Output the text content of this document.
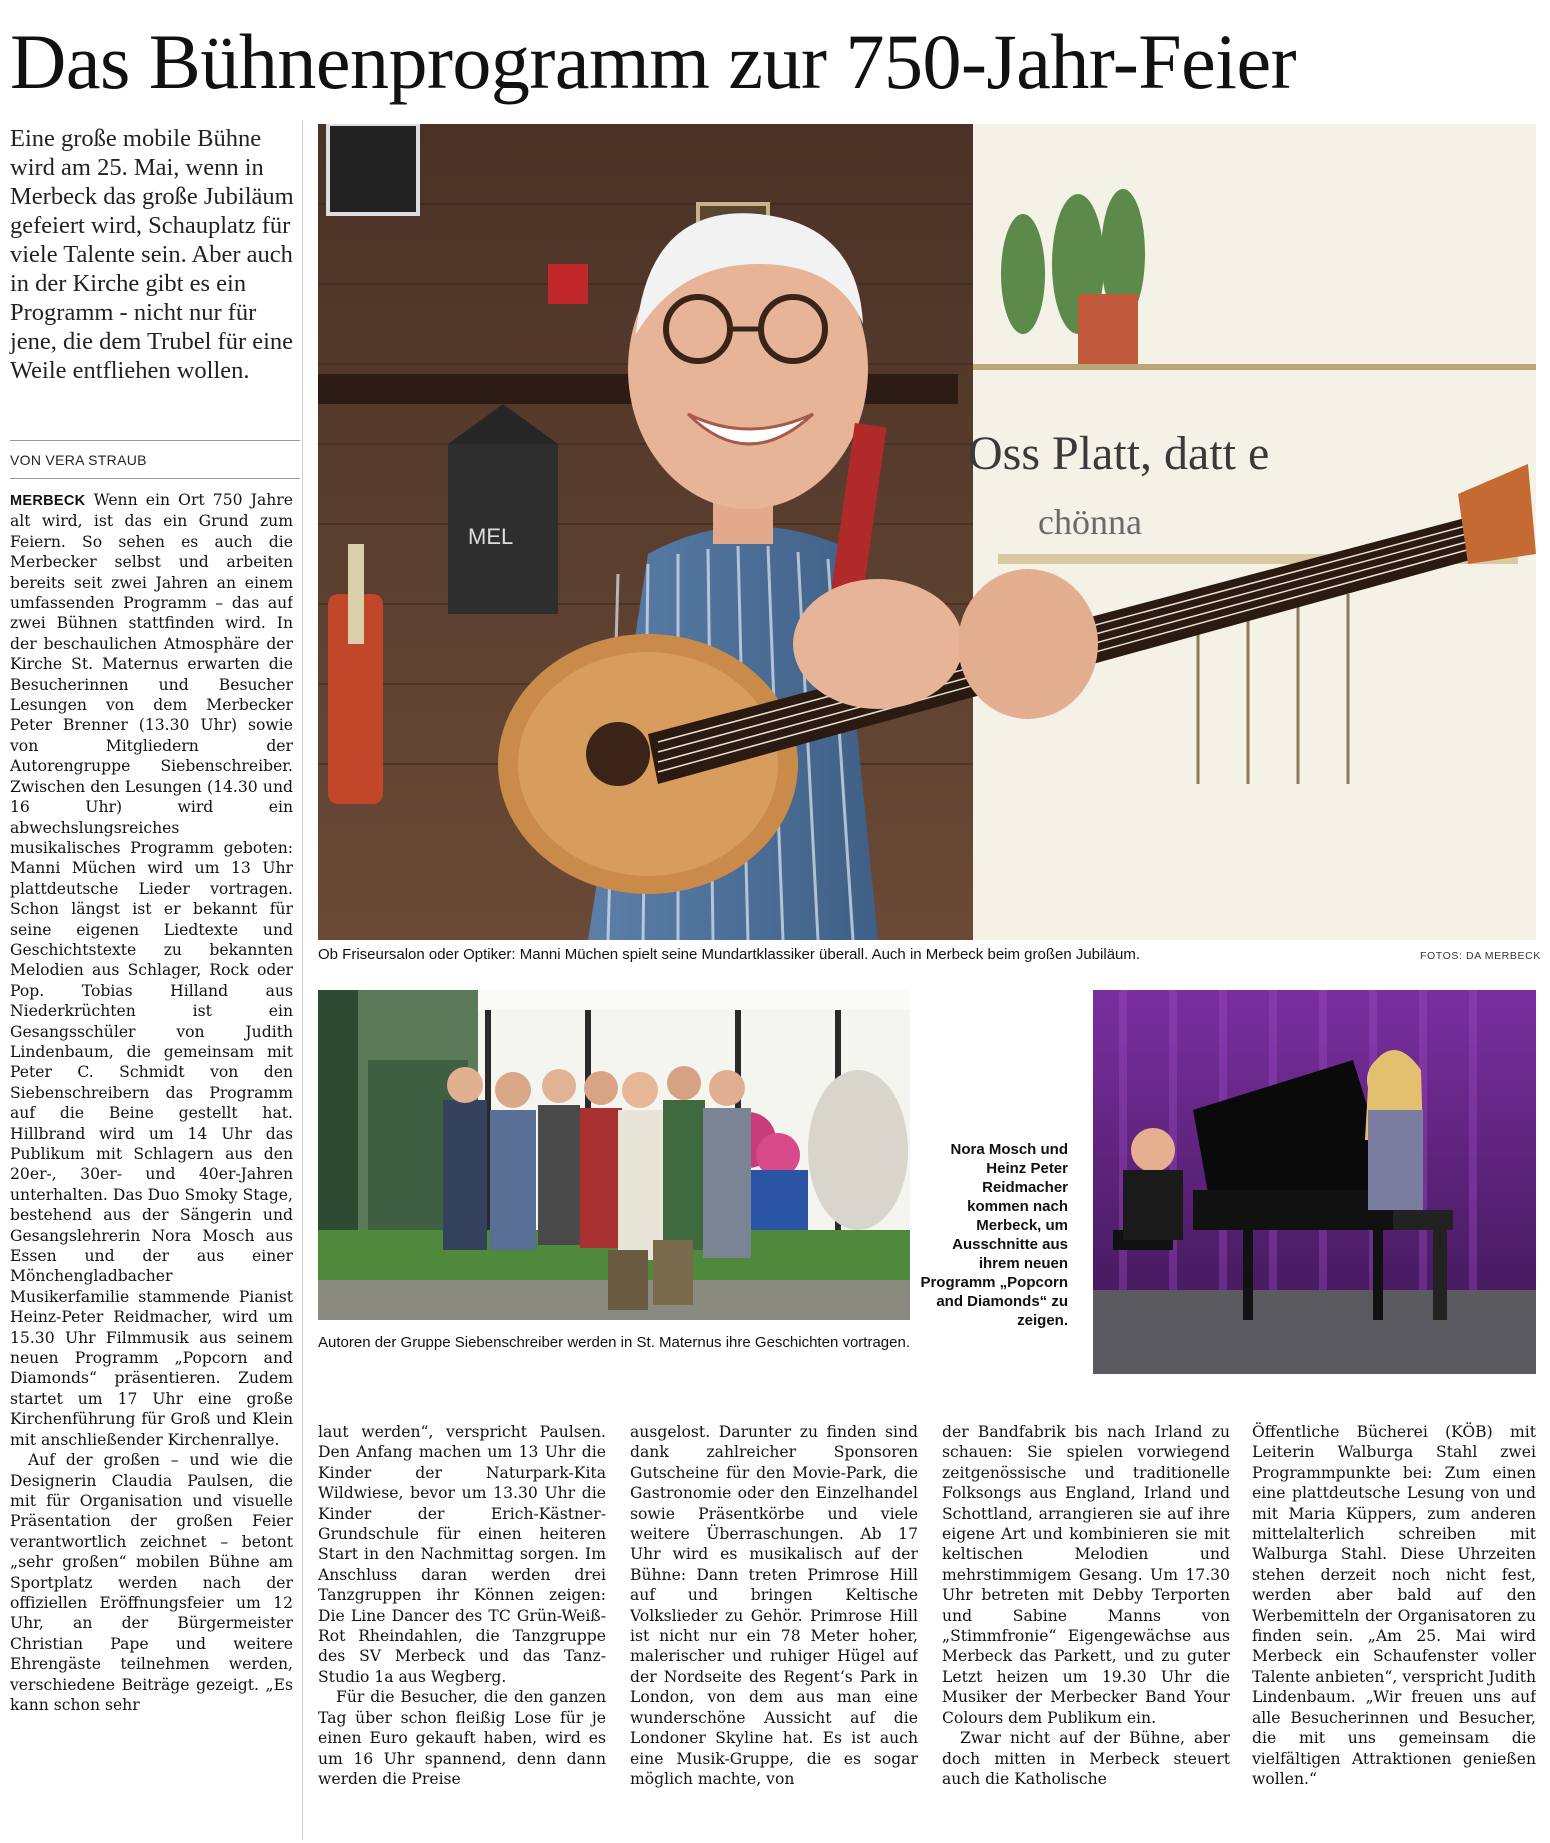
Das Bühnenprogramm zur 750-Jahr-Feier
Eine große mobile Bühne wird am 25. Mai, wenn in Merbeck das große Jubiläum gefeiert wird, Schauplatz für viele Talente sein. Aber auch in der Kirche gibt es ein Programm - nicht nur für jene, die dem Trubel für eine Weile entfliehen wollen.
VON VERA STRAUB

MERBECK Wenn ein Ort 750 Jahre alt wird, ist das ein Grund zum Feiern. So sehen es auch die Merbecker selbst und arbeiten bereits seit zwei Jahren an einem umfassenden Programm – das auf zwei Bühnen stattfinden wird. In der beschaulichen Atmosphäre der Kirche St. Maternus erwarten die Besucherinnen und Besucher Lesungen von dem Merbecker Peter Brenner (13.30 Uhr) sowie von Mitgliedern der Autorengruppe Siebenschreiber. Zwischen den Lesungen (14.30 und 16 Uhr) wird ein abwechslungsreiches musikalisches Programm geboten: Manni Müchen wird um 13 Uhr plattdeutsche Lieder vortragen. Schon längst ist er bekannt für seine eigenen Liedtexte und Geschichtstexte zu bekannten Melodien aus Schlager, Rock oder Pop. Tobias Hilland aus Niederkrüchten ist ein Gesangsschüler von Judith Lindenbaum, die gemeinsam mit Peter C. Schmidt von den Siebenschreibern das Programm auf die Beine gestellt hat. Hillbrand wird um 14 Uhr das Publikum mit Schlagern aus den 20er-, 30er- und 40er-Jahren unterhalten. Das Duo Smoky Stage, bestehend aus der Sängerin und Gesangslehrerin Nora Mosch aus Essen und der aus einer Mönchengladbacher Musikerfamilie stammende Pianist Heinz-Peter Reidmacher, wird um 15.30 Uhr Filmmusik aus seinem neuen Programm „Popcorn and Diamonds“ präsentieren. Zudem startet um 17 Uhr eine große Kirchenführung für Groß und Klein mit anschließender Kirchenrallye.

Auf der großen – und wie die Designerin Claudia Paulsen, die mit für Organisation und visuelle Präsentation der großen Feier verantwortlich zeichnet – betont „sehr großen“ mobilen Bühne am Sportplatz werden nach der offiziellen Eröffnungsfeier um 12 Uhr, an der Bürgermeister Christian Pape und weitere Ehrengäste teilnehmen werden, verschiedene Beiträge gezeigt. „Es kann schon sehr

MEL
Oss Platt, datt e
chönna
Ob Friseursalon oder Optiker: Manni Müchen spielt seine Mundartklassiker überall. Auch in Merbeck beim großen Jubiläum.	FOTOS: DA MERBECK
Autoren der Gruppe Siebenschreiber werden in St. Maternus ihre Geschichten vortragen.
Nora Mosch und Heinz Peter Reidmacher kommen nach Merbeck, um Ausschnitte aus ihrem neuen Programm „Popcorn and Diamonds“ zu zeigen.

laut werden“, verspricht Paulsen. Den Anfang machen um 13 Uhr die Kinder der Naturpark-Kita Wildwiese, bevor um 13.30 Uhr die Kinder der Erich-Kästner-Grundschule für einen heiteren Start in den Nachmittag sorgen. Im Anschluss daran werden drei Tanzgruppen ihr Können zeigen: Die Line Dancer des TC Grün-Weiß-Rot Rheindahlen, die Tanzgruppe des SV Merbeck und das Tanz-Studio 1a aus Wegberg.

Für die Besucher, die den ganzen Tag über schon fleißig Lose für je einen Euro gekauft haben, wird es um 16 Uhr spannend, denn dann werden die Preise

ausgelost. Darunter zu finden sind dank zahlreicher Sponsoren Gutscheine für den Movie-Park, die Gastronomie oder den Einzelhandel sowie Präsentkörbe und viele weitere Überraschungen. Ab 17 Uhr wird es musikalisch auf der Bühne: Dann treten Primrose Hill auf und bringen Keltische Volkslieder zu Gehör. Primrose Hill ist nicht nur ein 78 Meter hoher, malerischer und ruhiger Hügel auf der Nordseite des Regent‘s Park in London, von dem aus man eine wunderschöne Aussicht auf die Londoner Skyline hat. Es ist auch eine Musik-Gruppe, die es sogar möglich machte, von

der Bandfabrik bis nach Irland zu schauen: Sie spielen vorwiegend zeitgenössische und traditionelle Folksongs aus England, Irland und Schottland, arrangieren sie auf ihre eigene Art und kombinieren sie mit keltischen Melodien und mehrstimmigem Gesang. Um 17.30 Uhr betreten mit Debby Terporten und Sabine Manns von „Stimmfronie“ Eigengewächse aus Merbeck das Parkett, und zu guter Letzt heizen um 19.30 Uhr die Musiker der Merbecker Band Your Colours dem Publikum ein.

Zwar nicht auf der Bühne, aber doch mitten in Merbeck steuert auch die Katholische

Öffentliche Bücherei (KÖB) mit Leiterin Walburga Stahl zwei Programmpunkte bei: Zum einen eine plattdeutsche Lesung von und mit Maria Küppers, zum anderen mittelalterlich schreiben mit Walburga Stahl. Diese Uhrzeiten stehen derzeit noch nicht fest, werden aber bald auf den Werbemitteln der Organisatoren zu finden sein. „Am 25. Mai wird Merbeck ein Schaufenster voller Talente anbieten“, verspricht Judith Lindenbaum. „Wir freuen uns auf alle Besucherinnen und Besucher, die mit uns gemeinsam die vielfältigen Attraktionen genießen wollen.“
